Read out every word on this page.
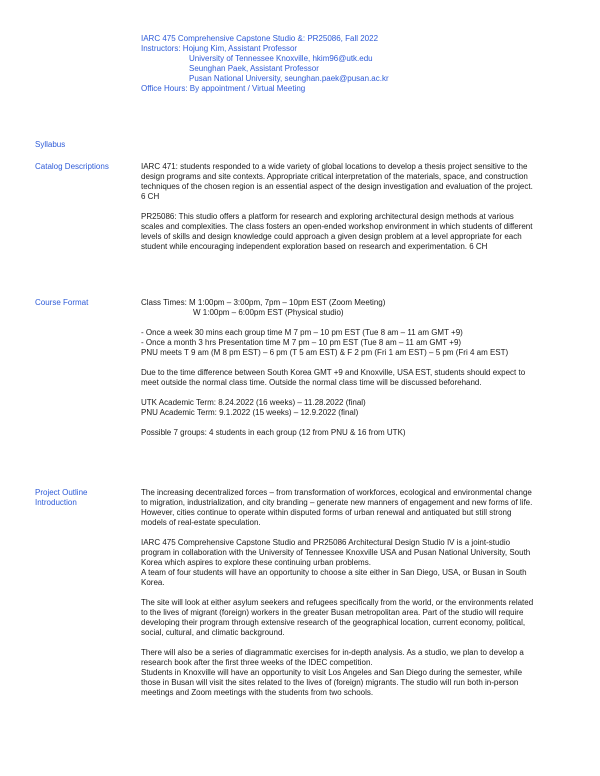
IARC 475 Comprehensive Capstone Studio &: PR25086, Fall 2022
Instructors: Hojung Kim, Assistant Professor
University of Tennessee Knoxville, hkim96@utk.edu
Seunghan Paek, Assistant Professor
Pusan National University, seunghan.paek@pusan.ac.kr
Office Hours: By appointment / Virtual Meeting
Syllabus
Catalog Descriptions	IARC 471: students responded to a wide variety of global locations to develop a thesis project sensitive to the design programs and site contexts. Appropriate critical interpretation of the materials, space, and construction techniques of the chosen region is an essential aspect of the design investigation and evaluation of the project. 6 CH

PR25086: This studio offers a platform for research and exploring architectural design methods at various scales and complexities. The class fosters an open-ended workshop environment in which students of different levels of skills and design knowledge could approach a given design problem at a level appropriate for each student while encouraging independent exploration based on research and experimentation. 6 CH

Course Format	Class Times: M 1:00pm – 3:00pm, 7pm – 10pm EST (Zoom Meeting)
W 1:00pm – 6:00pm EST (Physical studio)
- Once a week 30 mins each group time M 7 pm – 10 pm EST (Tue 8 am – 11 am GMT +9)
- Once a month 3 hrs Presentation time M 7 pm – 10 pm EST (Tue 8 am – 11 am GMT +9)
PNU meets T 9 am (M 8 pm EST) – 6 pm (T 5 am EST) & F 2 pm (Fri 1 am EST) – 5 pm (Fri 4 am EST)

Due to the time difference between South Korea GMT +9 and Knoxville, USA EST, students should expect to meet outside the normal class time. Outside the normal class time will be discussed beforehand.

UTK Academic Term: 8.24.2022 (16 weeks) – 11.28.2022 (final)
PNU Academic Term: 9.1.2022 (15 weeks) – 12.9.2022 (final)
Possible 7 groups: 4 students in each group (12 from PNU & 16 from UTK)
Project Outline
Introduction

The increasing decentralized forces – from transformation of workforces, ecological and environmental change to migration, industrialization, and city branding – generate new manners of engagement and new forms of life. However, cities continue to operate within disputed forms of urban renewal and antiquated but still strong models of real-estate speculation.

IARC 475 Comprehensive Capstone Studio and PR25086 Architectural Design Studio IV is a joint-studio program in collaboration with the University of Tennessee Knoxville USA and Pusan National University, South Korea which aspires to explore these continuing urban problems.

A team of four students will have an opportunity to choose a site either in San Diego, USA, or Busan in South Korea.

The site will look at either asylum seekers and refugees specifically from the world, or the environments related to the lives of migrant (foreign) workers in the greater Busan metropolitan area. Part of the studio will require developing their program through extensive research of the geographical location, current economy, political, social, cultural, and climatic background.

There will also be a series of diagrammatic exercises for in-depth analysis. As a studio, we plan to develop a research book after the first three weeks of the IDEC competition.

Students in Knoxville will have an opportunity to visit Los Angeles and San Diego during the semester, while those in Busan will visit the sites related to the lives of (foreign) migrants. The studio will run both in-person meetings and Zoom meetings with the students from two schools.
